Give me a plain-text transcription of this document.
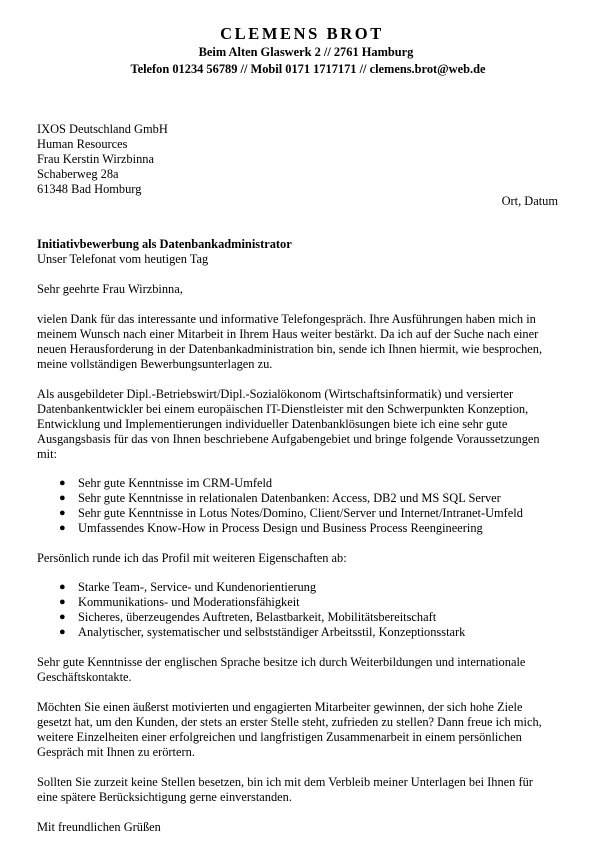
CLEMENS BROT
Beim Alten Glaswerk 2 // 2761 Hamburg
Telefon 01234 56789 // Mobil 0171 1717171 // clemens.brot@web.de
IXOS Deutschland GmbH
Human Resources
Frau Kerstin Wirzbinna
Schaberweg 28a
61348 Bad Homburg
Ort, Datum
Initiativbewerbung als Datenbankadministrator
Unser Telefonat vom heutigen Tag
Sehr geehrte Frau Wirzbinna,
vielen Dank für das interessante und informative Telefongespräch. Ihre Ausführungen haben mich in
meinem Wunsch nach einer Mitarbeit in Ihrem Haus weiter bestärkt. Da ich auf der Suche nach einer
neuen Herausforderung in der Datenbankadministration bin, sende ich Ihnen hiermit, wie besprochen,
meine vollständigen Bewerbungsunterlagen zu.
Als ausgebildeter Dipl.-Betriebswirt/Dipl.-Sozialökonom (Wirtschaftsinformatik) und versierter
Datenbankentwickler bei einem europäischen IT-Dienstleister mit den Schwerpunkten Konzeption,
Entwicklung und Implementierungen individueller Datenbanklösungen biete ich eine sehr gute
Ausgangsbasis für das von Ihnen beschriebene Aufgabengebiet und bringe folgende Voraussetzungen
mit:
● Sehr gute Kenntnisse im CRM-Umfeld
● Sehr gute Kenntnisse in relationalen Datenbanken: Access, DB2 und MS SQL Server
● Sehr gute Kenntnisse in Lotus Notes/Domino, Client/Server und Internet/Intranet-Umfeld
● Umfassendes Know-How in Process Design und Business Process Reengineering
Persönlich runde ich das Profil mit weiteren Eigenschaften ab:
● Starke Team-, Service- und Kundenorientierung
● Kommunikations- und Moderationsfähigkeit
● Sicheres, überzeugendes Auftreten, Belastbarkeit, Mobilitätsbereitschaft
● Analytischer, systematischer und selbstständiger Arbeitsstil, Konzeptionsstark
Sehr gute Kenntnisse der englischen Sprache besitze ich durch Weiterbildungen und internationale
Geschäftskontakte.
Möchten Sie einen äußerst motivierten und engagierten Mitarbeiter gewinnen, der sich hohe Ziele
gesetzt hat, um den Kunden, der stets an erster Stelle steht, zufrieden zu stellen? Dann freue ich mich,
weitere Einzelheiten einer erfolgreichen und langfristigen Zusammenarbeit in einem persönlichen
Gespräch mit Ihnen zu erörtern.
Sollten Sie zurzeit keine Stellen besetzen, bin ich mit dem Verbleib meiner Unterlagen bei Ihnen für
eine spätere Berücksichtigung gerne einverstanden.
Mit freundlichen Grüßen
